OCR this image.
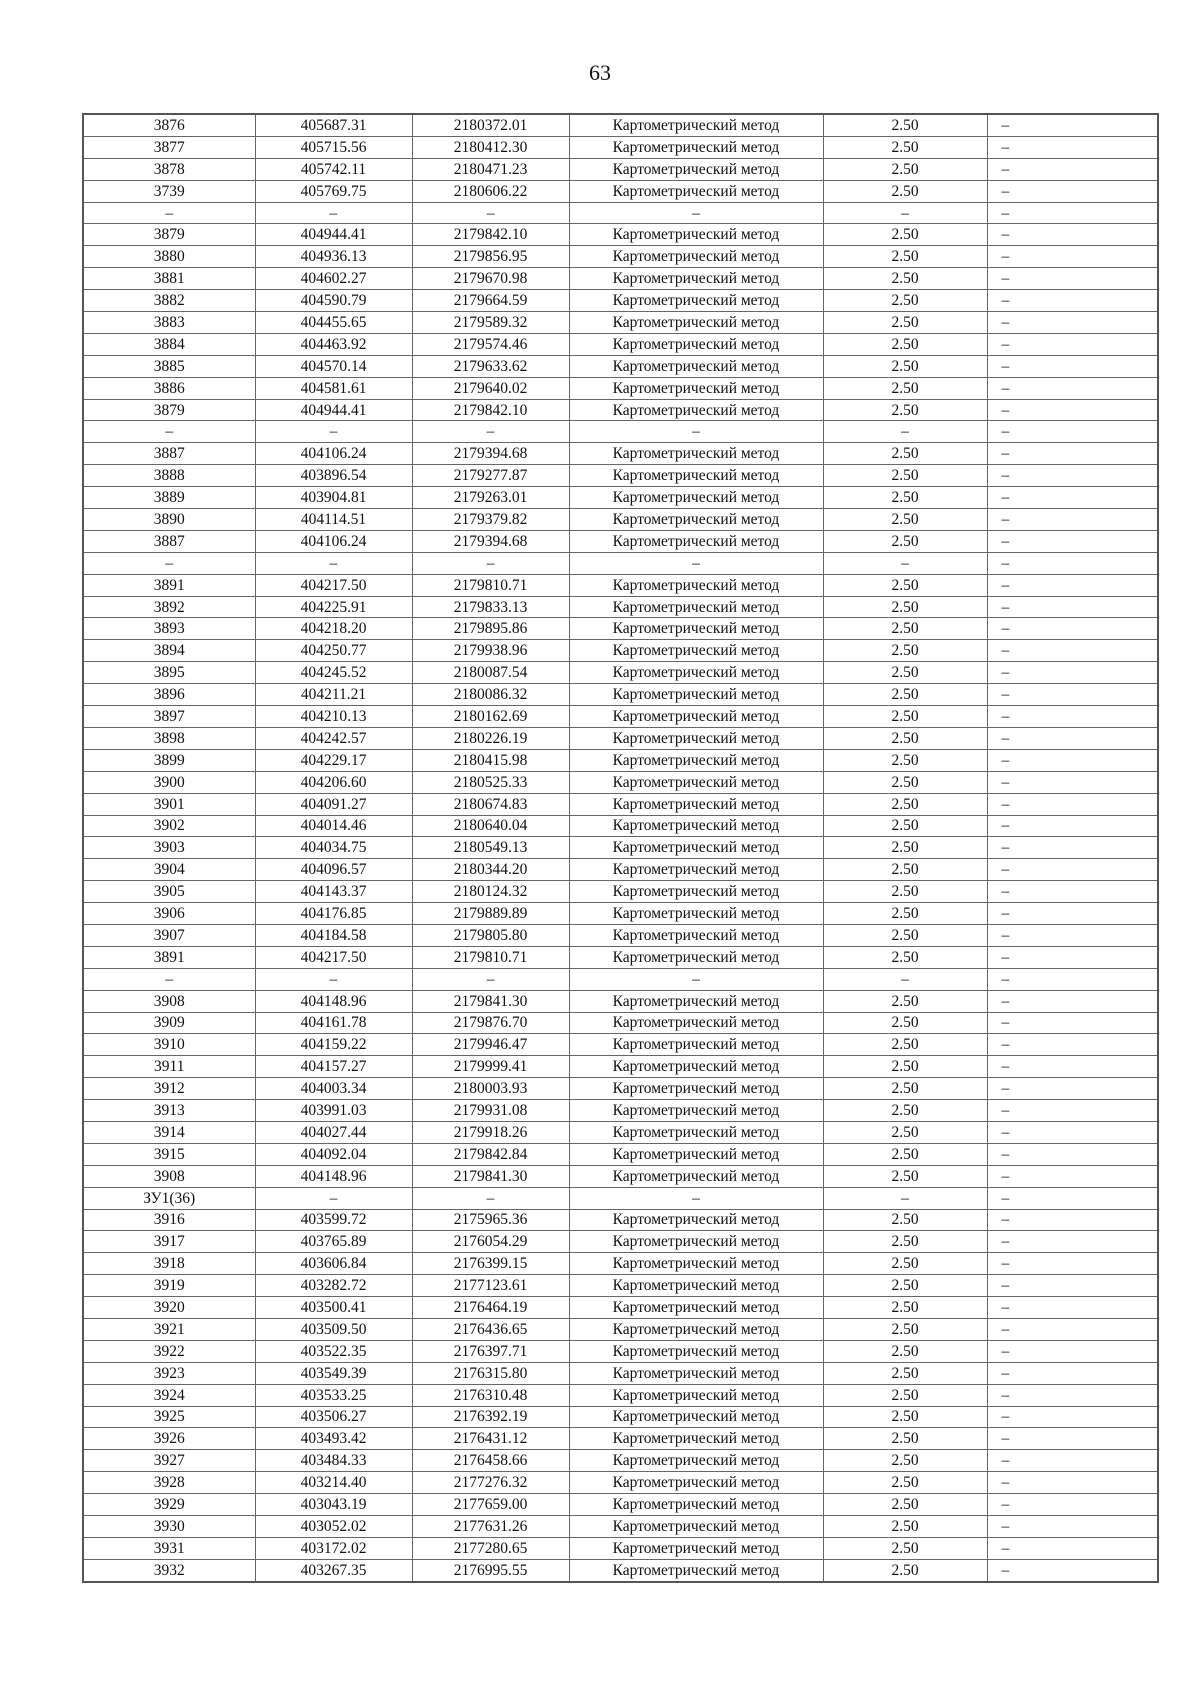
63
3876	405687.31	2180372.01	Картометрический метод	2.50	–
3877	405715.56	2180412.30	Картометрический метод	2.50	–
3878	405742.11	2180471.23	Картометрический метод	2.50	–
3739	405769.75	2180606.22	Картометрический метод	2.50	–
–	–	–	–	–	–
3879	404944.41	2179842.10	Картометрический метод	2.50	–
3880	404936.13	2179856.95	Картометрический метод	2.50	–
3881	404602.27	2179670.98	Картометрический метод	2.50	–
3882	404590.79	2179664.59	Картометрический метод	2.50	–
3883	404455.65	2179589.32	Картометрический метод	2.50	–
3884	404463.92	2179574.46	Картометрический метод	2.50	–
3885	404570.14	2179633.62	Картометрический метод	2.50	–
3886	404581.61	2179640.02	Картометрический метод	2.50	–
3879	404944.41	2179842.10	Картометрический метод	2.50	–
–	–	–	–	–	–
3887	404106.24	2179394.68	Картометрический метод	2.50	–
3888	403896.54	2179277.87	Картометрический метод	2.50	–
3889	403904.81	2179263.01	Картометрический метод	2.50	–
3890	404114.51	2179379.82	Картометрический метод	2.50	–
3887	404106.24	2179394.68	Картометрический метод	2.50	–
–	–	–	–	–	–
3891	404217.50	2179810.71	Картометрический метод	2.50	–
3892	404225.91	2179833.13	Картометрический метод	2.50	–
3893	404218.20	2179895.86	Картометрический метод	2.50	–
3894	404250.77	2179938.96	Картометрический метод	2.50	–
3895	404245.52	2180087.54	Картометрический метод	2.50	–
3896	404211.21	2180086.32	Картометрический метод	2.50	–
3897	404210.13	2180162.69	Картометрический метод	2.50	–
3898	404242.57	2180226.19	Картометрический метод	2.50	–
3899	404229.17	2180415.98	Картометрический метод	2.50	–
3900	404206.60	2180525.33	Картометрический метод	2.50	–
3901	404091.27	2180674.83	Картометрический метод	2.50	–
3902	404014.46	2180640.04	Картометрический метод	2.50	–
3903	404034.75	2180549.13	Картометрический метод	2.50	–
3904	404096.57	2180344.20	Картометрический метод	2.50	–
3905	404143.37	2180124.32	Картометрический метод	2.50	–
3906	404176.85	2179889.89	Картометрический метод	2.50	–
3907	404184.58	2179805.80	Картометрический метод	2.50	–
3891	404217.50	2179810.71	Картометрический метод	2.50	–
–	–	–	–	–	–
3908	404148.96	2179841.30	Картометрический метод	2.50	–
3909	404161.78	2179876.70	Картометрический метод	2.50	–
3910	404159.22	2179946.47	Картометрический метод	2.50	–
3911	404157.27	2179999.41	Картометрический метод	2.50	–
3912	404003.34	2180003.93	Картометрический метод	2.50	–
3913	403991.03	2179931.08	Картометрический метод	2.50	–
3914	404027.44	2179918.26	Картометрический метод	2.50	–
3915	404092.04	2179842.84	Картометрический метод	2.50	–
3908	404148.96	2179841.30	Картометрический метод	2.50	–
ЗУ1(36)	–	–	–	–	–
3916	403599.72	2175965.36	Картометрический метод	2.50	–
3917	403765.89	2176054.29	Картометрический метод	2.50	–
3918	403606.84	2176399.15	Картометрический метод	2.50	–
3919	403282.72	2177123.61	Картометрический метод	2.50	–
3920	403500.41	2176464.19	Картометрический метод	2.50	–
3921	403509.50	2176436.65	Картометрический метод	2.50	–
3922	403522.35	2176397.71	Картометрический метод	2.50	–
3923	403549.39	2176315.80	Картометрический метод	2.50	–
3924	403533.25	2176310.48	Картометрический метод	2.50	–
3925	403506.27	2176392.19	Картометрический метод	2.50	–
3926	403493.42	2176431.12	Картометрический метод	2.50	–
3927	403484.33	2176458.66	Картометрический метод	2.50	–
3928	403214.40	2177276.32	Картометрический метод	2.50	–
3929	403043.19	2177659.00	Картометрический метод	2.50	–
3930	403052.02	2177631.26	Картометрический метод	2.50	–
3931	403172.02	2177280.65	Картометрический метод	2.50	–
3932	403267.35	2176995.55	Картометрический метод	2.50	–
